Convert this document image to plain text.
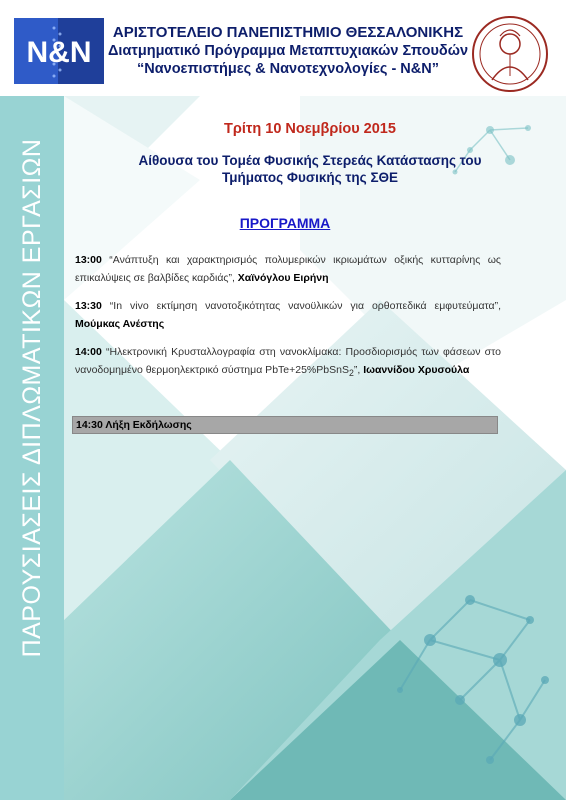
N&N
ΑΡΙΣΤΟΤΕΛΕΙΟ ΠΑΝΕΠΙΣΤΗΜΙΟ ΘΕΣΣΑΛΟΝΙΚΗΣ
Διατμηματικό Πρόγραμμα Μεταπτυχιακών Σπουδών
“Νανοεπιστήμες & Νανοτεχνολογίες - N&N”
ΠΑΡΟΥΣΙΑΣΕΙΣ ΔΙΠΛΩΜΑΤΙΚΩΝ ΕΡΓΑΣΙΩΝ
Τρίτη 10 Νοεμβρίου 2015
Αίθουσα του Τομέα Φυσικής Στερεάς Κατάστασης του
Τμήματος Φυσικής της ΣΘΕ
ΠΡΟΓΡΑΜΜΑ
13:00 “Ανάπτυξη και χαρακτηρισμός πολυμερικών ικριωμάτων οξικής κυτταρίνης ως επικαλύψεις σε βαλβίδες καρδιάς”, Χαϊνόγλου Ειρήνη
13:30 “In vivo εκτίμηση νανοτοξικότητας νανοϋλικών για ορθοπεδικά εμφυτεύματα”, Μούμκας Ανέστης
14:00 “Ηλεκτρονική Κρυσταλλογραφία στη νανοκλίμακα: Προσδιορισμός των φάσεων στο νανοδομημένο θερμοηλεκτρικό σύστημα PbTe+25%PbSnS$_2$”, Ιωαννίδου Χρυσούλα
14:30 Λήξη Εκδήλωσης
